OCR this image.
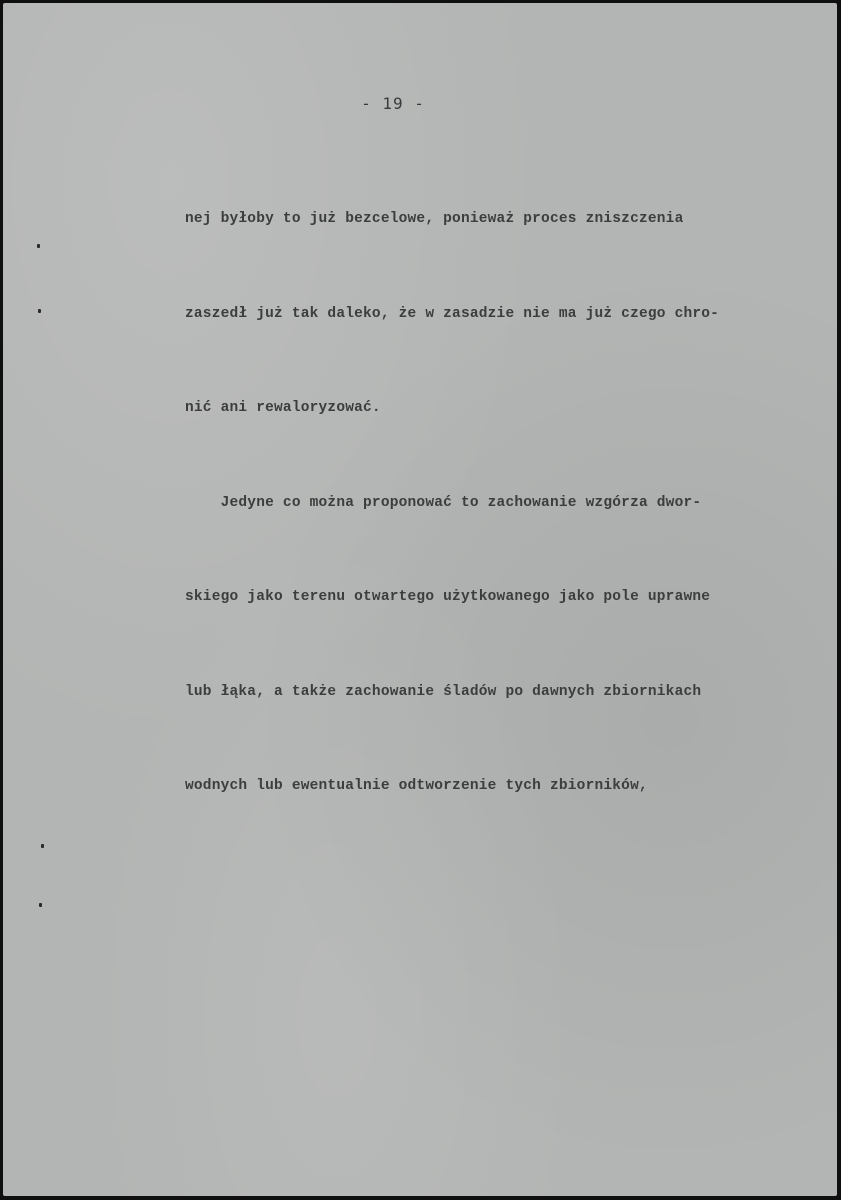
- 19 -

nej byłoby to już bezcelowe, ponieważ proces zniszczenia

zaszedł już tak daleko, że w zasadzie nie ma już czego chro-

nić ani rewaloryzować.

Jedyne co można proponować to zachowanie wzgórza dwor-

skiego jako terenu otwartego użytkowanego jako pole uprawne

lub łąka, a także zachowanie śladów po dawnych zbiornikach

wodnych lub ewentualnie odtworzenie tych zbiorników,
